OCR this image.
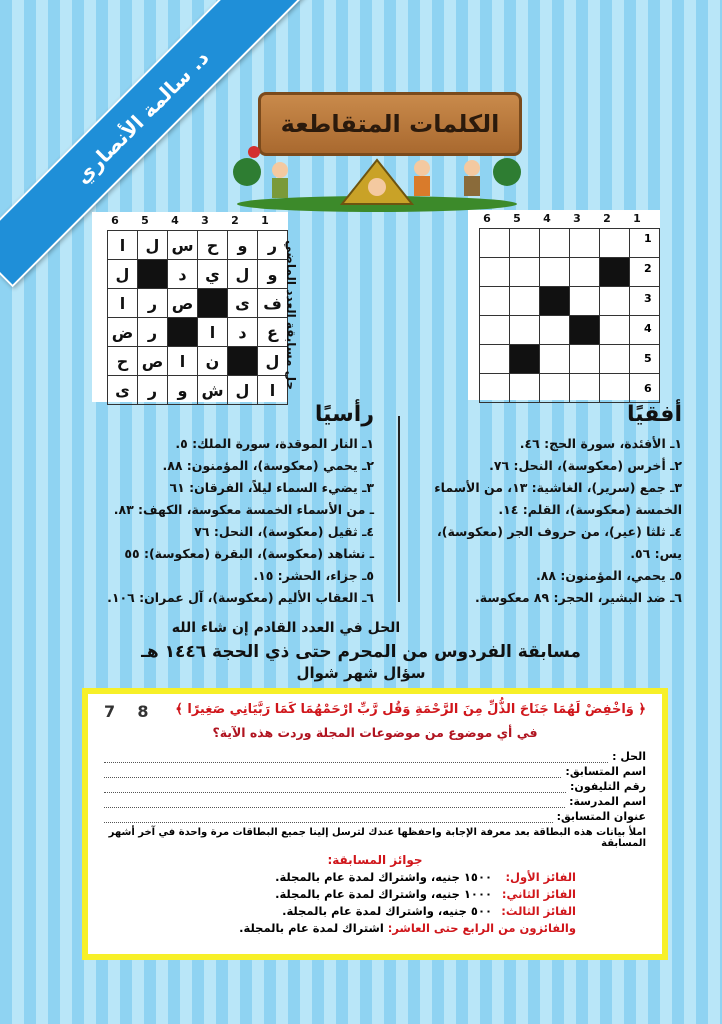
د. سالمة الأنصاري	الكلمات المتقاطعة
6	5	4	3	2	1
ا	ل	س	ح	و	ر
ل		د	ي	ل	و
ا	ر	ص		ى	ف
ض	ر		ا	د	ع
ح	ص	ا	ن		ل
ى	ر	و	ش	ل	ا حل مسابقة العدد الماضي
6	5	4	3	2	1

1
2
3
4
5
6
أفقيًا
١ـ الأفئدة، سورة الحج: ٤٦.
٢ـ أخرس (معكوسة)، النحل: ٧٦.
٣ـ جمع (سرير)، الغاشية: ١٣، من الأسماء
الخمسة (معكوسة)، القلم: ١٤.
٤ـ ثلثا (عير)، من حروف الجر (معكوسة)،
يس: ٥٦.
٥ـ يحمي، المؤمنون: ٨٨.
٦ـ ضد البشير، الحجر: ٨٩ معكوسة.
رأسيًا
١ـ النار الموقدة، سورة الملك: ٥.
٢ـ يحمي (معكوسة)، المؤمنون: ٨٨.
٣ـ يضيء السماء ليلاً، الفرقان: ٦١
ـ من الأسماء الخمسة معكوسة، الكهف: ٨٣.
٤ـ ثقيل (معكوسة)، النحل: ٧٦
ـ نشاهد (معكوسة)، البقرة (معكوسة): ٥٥
٥ـ جزاء، الحشر: ١٥.
٦ـ العقاب الأليم (معكوسة)، آل عمران: ١٠٦.
الحل في العدد القادم إن شاء الله
مسابقة الفردوس من المحرم حتى ذي الحجة ١٤٤٦ هـ
سؤال شهر شوال
﴿ وَاخْفِضْ لَهُمَا جَنَاحَ الذُّلِّ مِنَ الرَّحْمَةِ وَقُل رَّبِّ ارْحَمْهُمَا كَمَا رَبَّيَانِي صَغِيرًا ﴾
7 8
في أي موضوع من موضوعات المجلة وردت هذه الآية؟
الحل :
اسم المتسابق:
رقم التليفون:
اسم المدرسة:
عنوان المتسابق:
املأ بيانات هذه البطاقة بعد معرفة الإجابة واحفظها عندك لترسل إلينا جميع البطاقات مرة واحدة في آخر أشهر المسابقة
جوائز المسابقة:
الفائز الأول: ١٥٠٠ جنيه، واشتراك لمدة عام بالمجلة.
الفائز الثاني: ١٠٠٠ جنيه، واشتراك لمدة عام بالمجلة.
الفائز الثالث: ٥٠٠ جنيه، واشتراك لمدة عام بالمجلة.
والفائزون من الرابع حتى العاشر: اشتراك لمدة عام بالمجلة.
